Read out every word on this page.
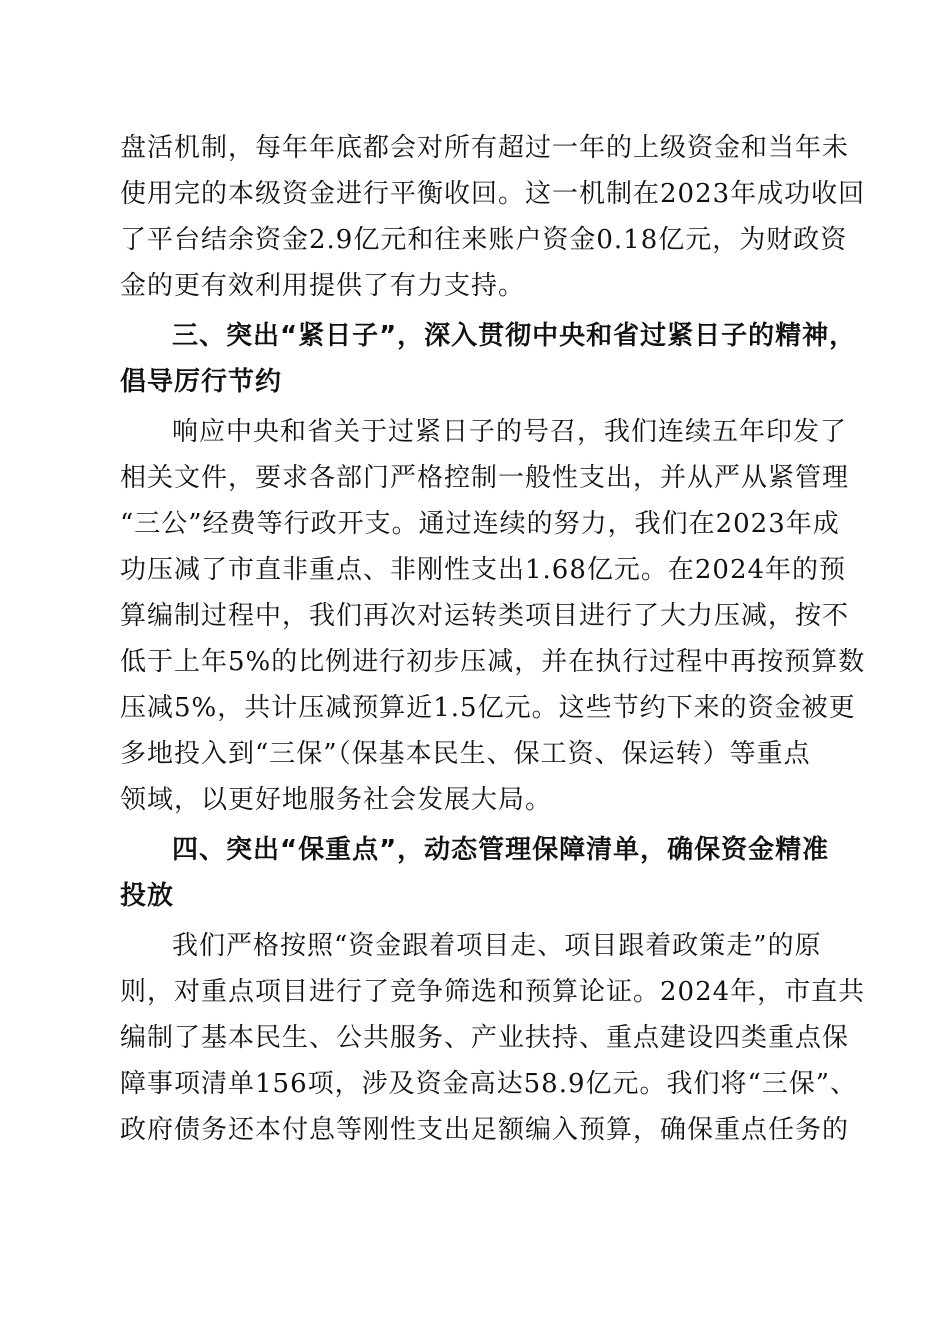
盘活机制，每年年底都会对所有超过一年的上级资金和当年未
使用完的本级资金进行平衡收回。这一机制在2023年成功收回
了平台结余资金2.9亿元和往来账户资金0.18亿元，为财政资
金的更有效利用提供了有力支持。
三、突出“紧日子”，深入贯彻中央和省过紧日子的精神，
倡导厉行节约
响应中央和省关于过紧日子的号召，我们连续五年印发了
相关文件，要求各部门严格控制一般性支出，并从严从紧管理
“三公”经费等行政开支。通过连续的努力，我们在2023年成
功压减了市直非重点、非刚性支出1.68亿元。在2024年的预
算编制过程中，我们再次对运转类项目进行了大力压减，按不
低于上年5%的比例进行初步压减，并在执行过程中再按预算数
压减5%，共计压减预算近1.5亿元。这些节约下来的资金被更
多地投入到“三保”（保基本民生、保工资、保运转）等重点
领域，以更好地服务社会发展大局。
四、突出“保重点”，动态管理保障清单，确保资金精准
投放
我们严格按照“资金跟着项目走、项目跟着政策走”的原
则，对重点项目进行了竞争筛选和预算论证。2024年，市直共
编制了基本民生、公共服务、产业扶持、重点建设四类重点保
障事项清单156项，涉及资金高达58.9亿元。我们将“三保”、
政府债务还本付息等刚性支出足额编入预算，确保重点任务的
